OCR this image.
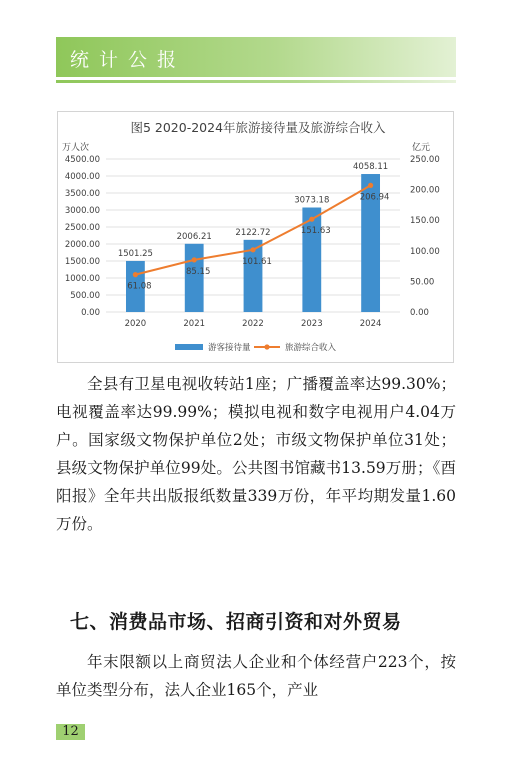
统计公报
图5 2020-2024年旅游接待量及旅游综合收入
万人次	亿元
0.00
500.00
1000.00
1500.00
2000.00
2500.00
3000.00
3500.00
4000.00
4500.00
0.00
50.00
100.00
150.00
200.00
250.00
1501.25
2006.21	2122.72
3073.18
4058.11
2020	2021	2022	2023	2024
61.08
85.15
101.61
151.63
206.94
游客接待量	旅游综合收入
全县有卫星电视收转站1座；广播覆盖率达99.30%；电视覆盖率达99.99%；模拟电视和数字电视用户4.04万户。国家级文物保护单位2处；市级文物保护单位31处；县级文物保护单位99处。公共图书馆藏书13.59万册；《酉阳报》全年共出版报纸数量339万份，年平均期发量1.60万份。
七、消费品市场、招商引资和对外贸易
年末限额以上商贸法人企业和个体经营户223个，按单位类型分布，法人企业165个，产业
12
